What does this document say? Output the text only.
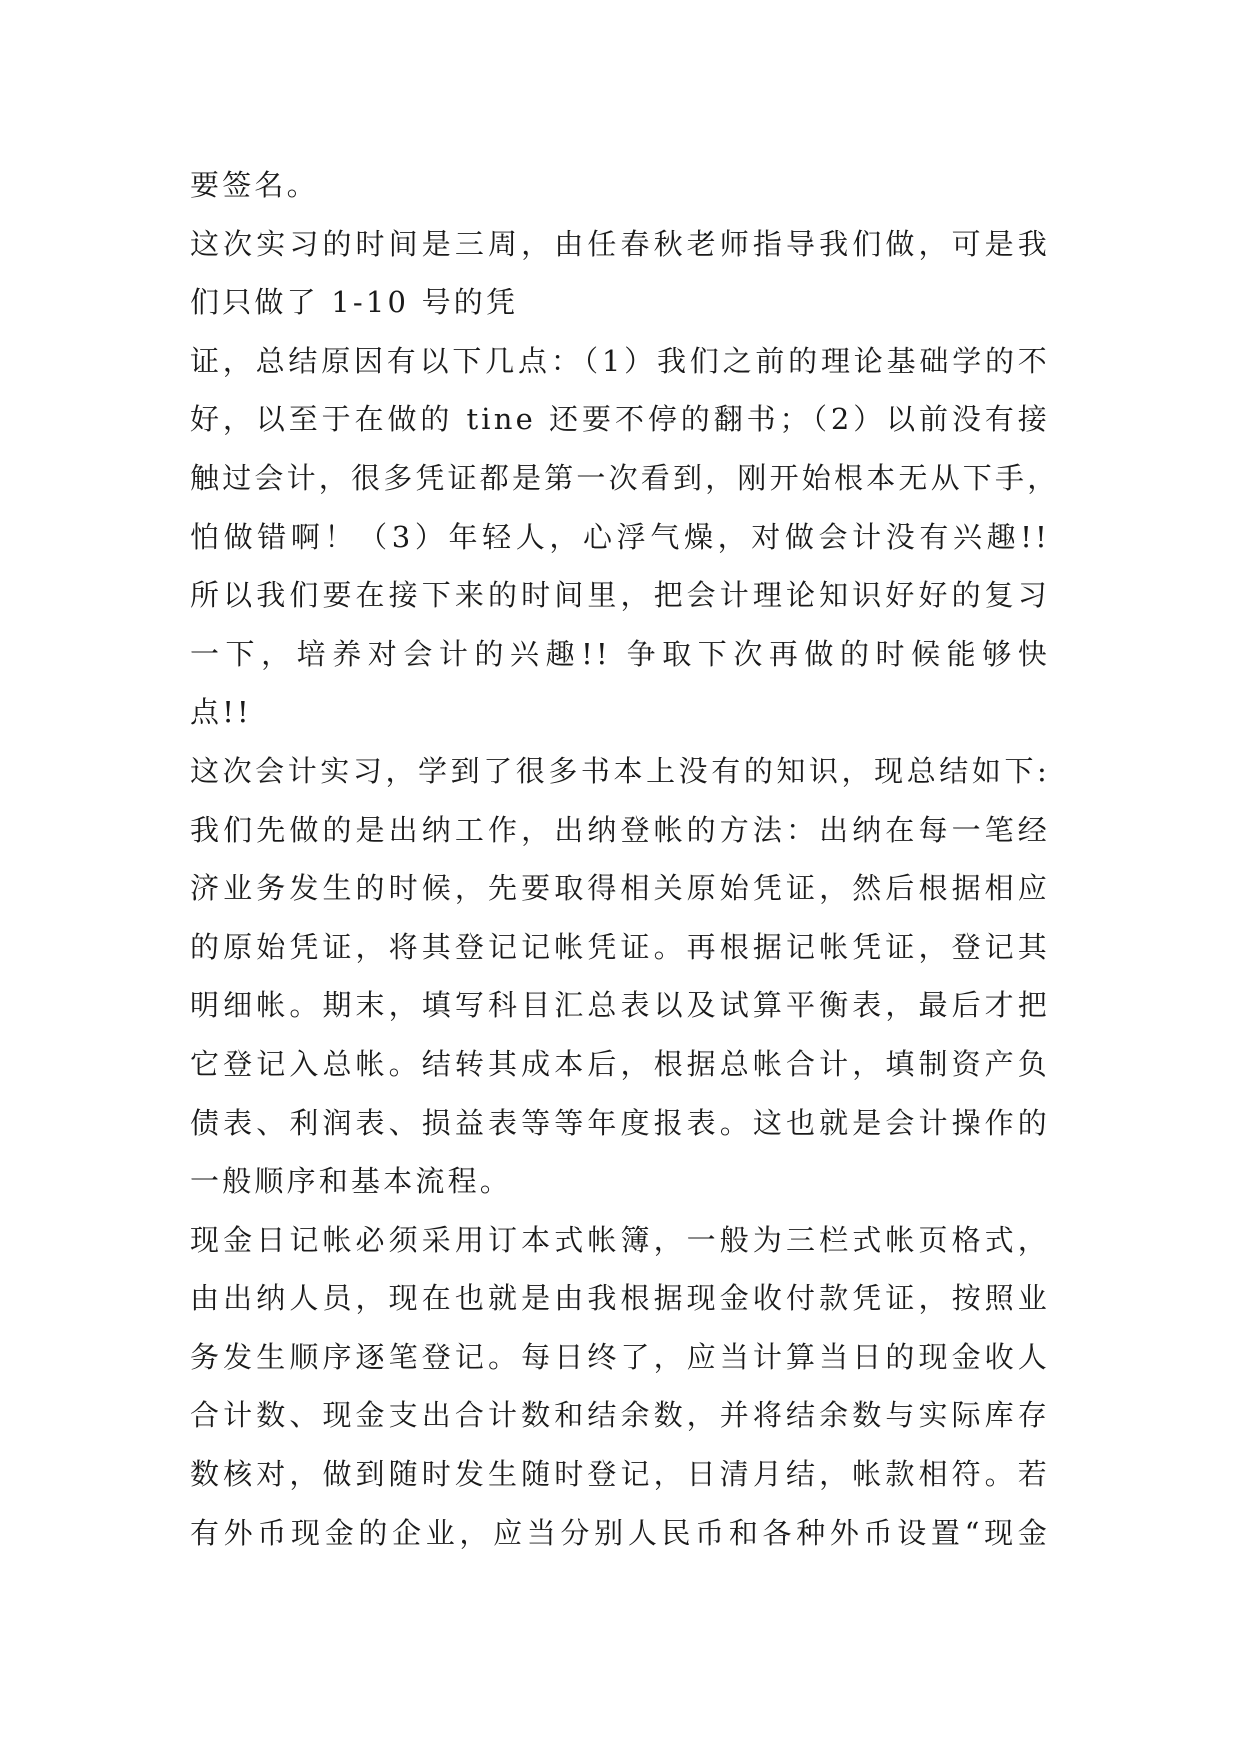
要签名。
这次实习的时间是三周，由任春秋老师指导我们做，可是我
们只做了 1-10 号的凭
证，总结原因有以下几点：（1）我们之前的理论基础学的不
好，以至于在做的 tine 还要不停的翻书；（2）以前没有接
触过会计，很多凭证都是第一次看到，刚开始根本无从下手，
怕做错啊！（3）年轻人，心浮气燥，对做会计没有兴趣!!
所以我们要在接下来的时间里，把会计理论知识好好的复习
一下，培养对会计的兴趣!! 争取下次再做的时候能够快
点!!
这次会计实习，学到了很多书本上没有的知识，现总结如下:
我们先做的是出纳工作，出纳登帐的方法：出纳在每一笔经
济业务发生的时候，先要取得相关原始凭证，然后根据相应
的原始凭证，将其登记记帐凭证。再根据记帐凭证，登记其
明细帐。期末，填写科目汇总表以及试算平衡表，最后才把
它登记入总帐。结转其成本后，根据总帐合计，填制资产负
债表、利润表、损益表等等年度报表。这也就是会计操作的
一般顺序和基本流程。
现金日记帐必须采用订本式帐簿，一般为三栏式帐页格式，
由出纳人员，现在也就是由我根据现金收付款凭证，按照业
务发生顺序逐笔登记。每日终了，应当计算当日的现金收人
合计数、现金支出合计数和结余数，并将结余数与实际库存
数核对，做到随时发生随时登记，日清月结，帐款相符。若
有外币现金的企业，应当分别人民币和各种外币设置“现金
